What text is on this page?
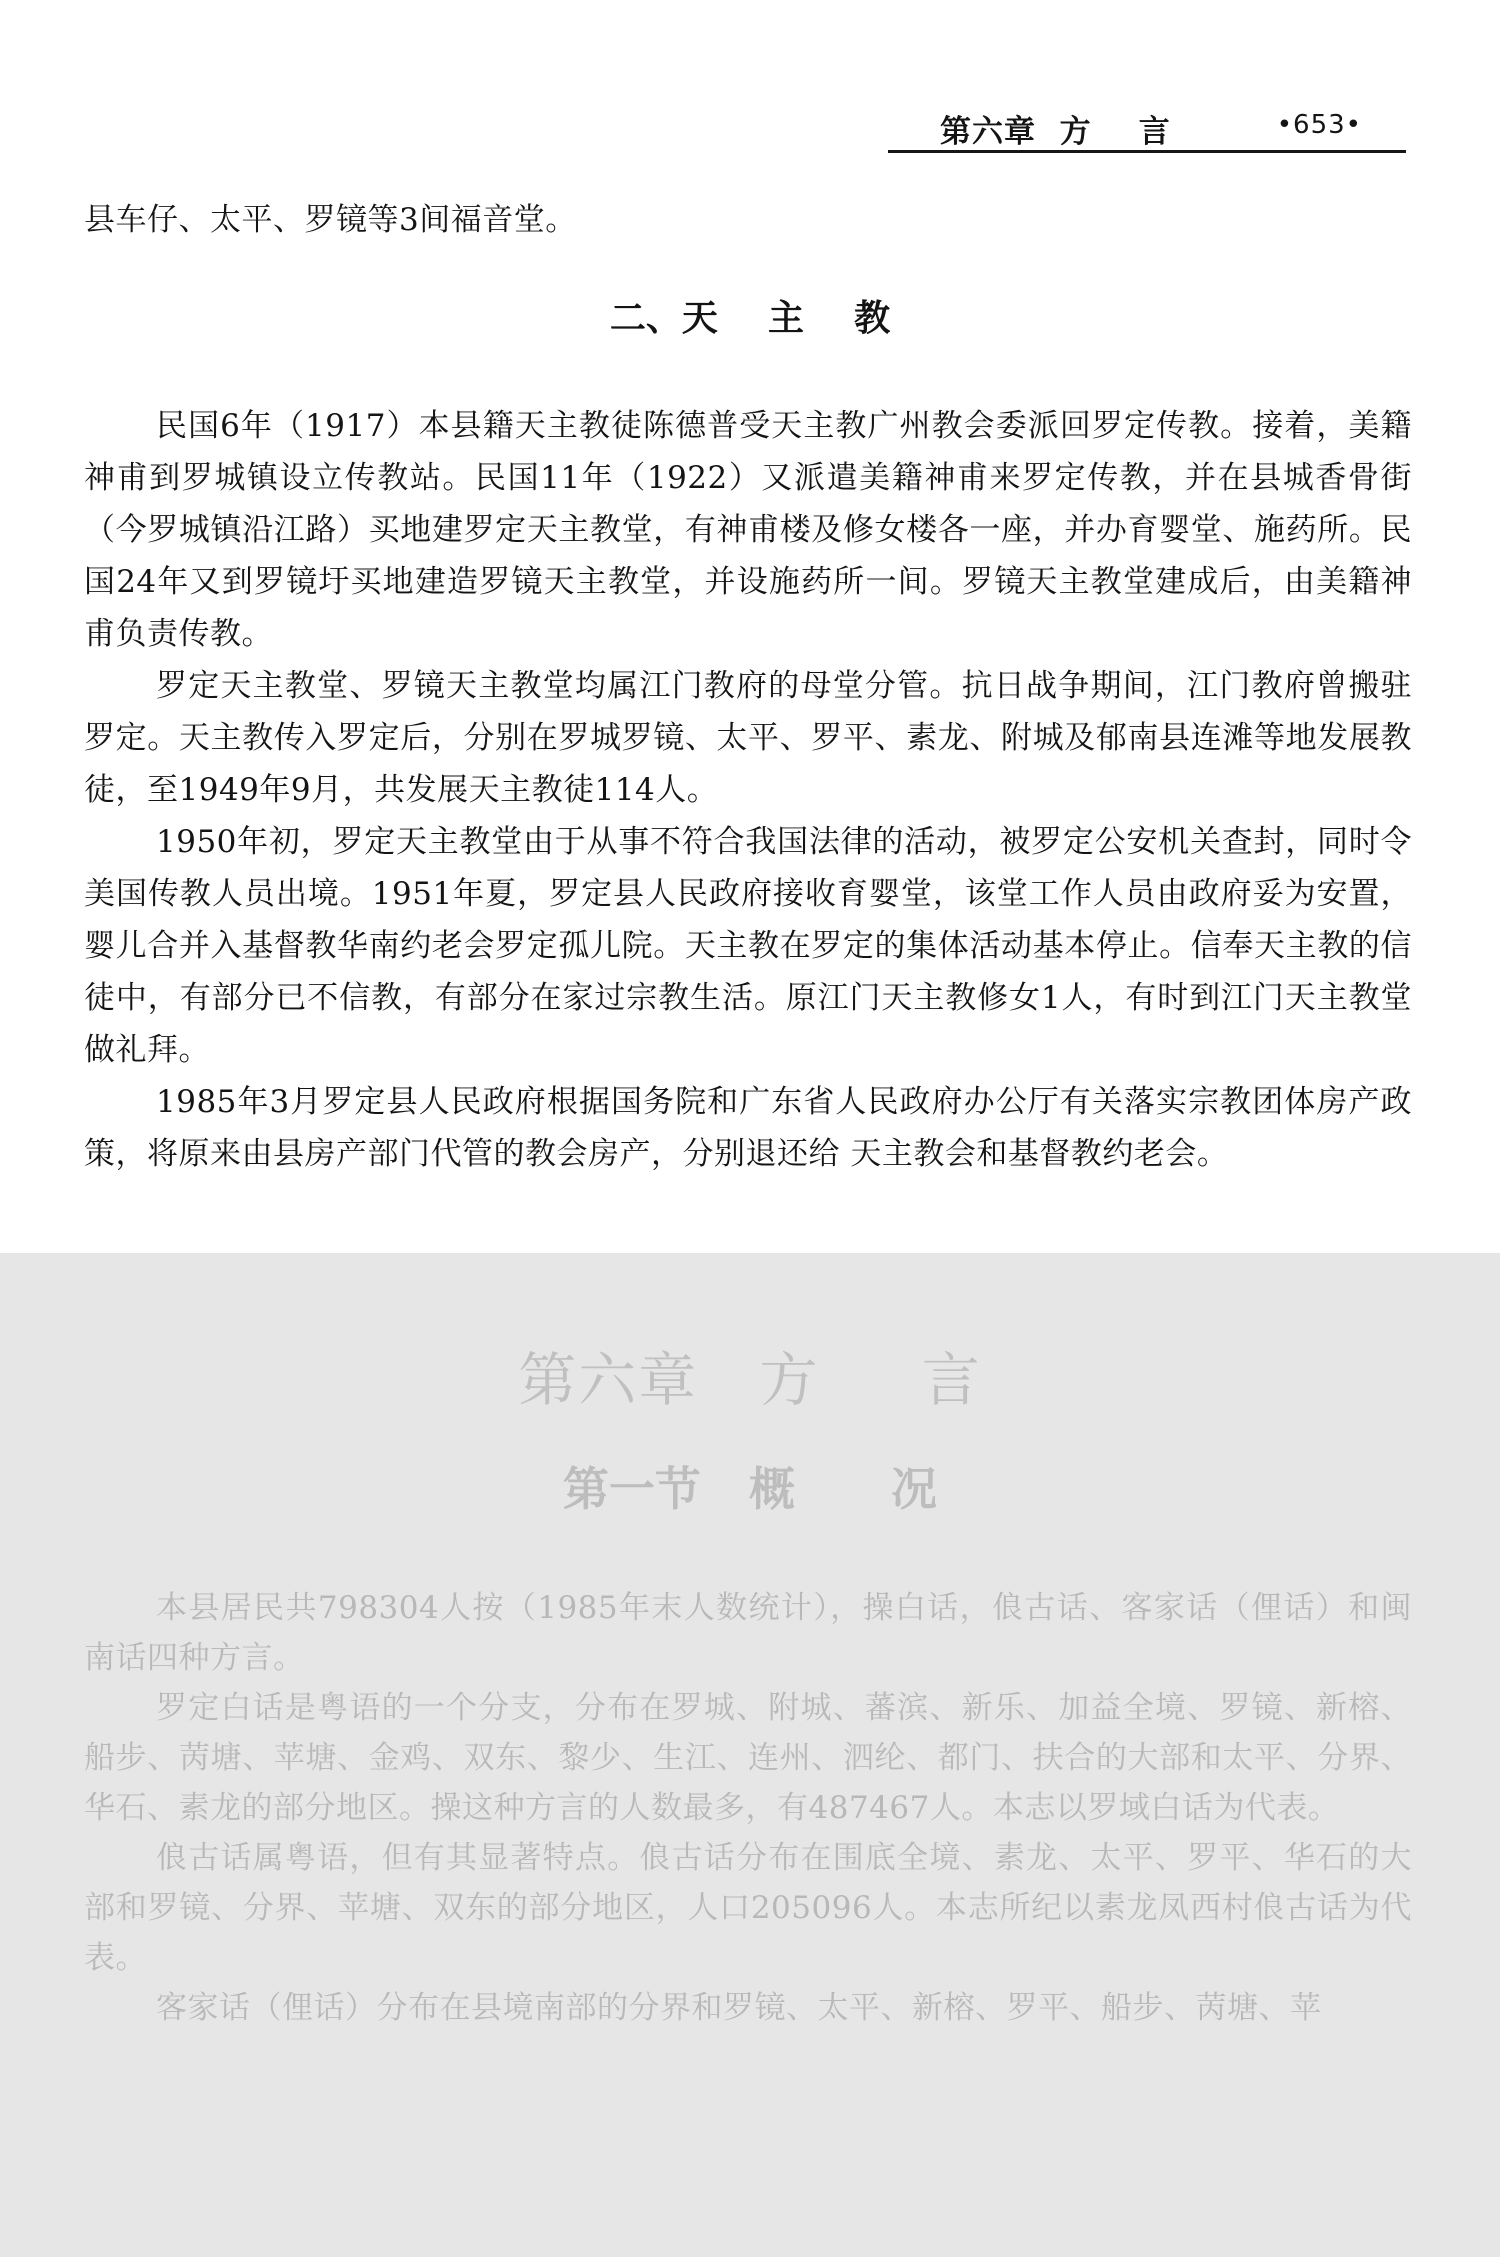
第六章  方    言	•653•
县车仔、太平、罗镜等3间福音堂。
二、天    主    教

民国6年（1917）本县籍天主教徒陈德普受天主教广州教会委派回罗定传教。接着，美籍神甫到罗城镇设立传教站。民国11年（1922）又派遣美籍神甫来罗定传教，并在县城香骨街（今罗城镇沿江路）买地建罗定天主教堂，有神甫楼及修女楼各一座，并办育婴堂、施药所。民国24年又到罗镜圩买地建造罗镜天主教堂，并设施药所一间。罗镜天主教堂建成后，由美籍神甫负责传教。

罗定天主教堂、罗镜天主教堂均属江门教府的母堂分管。抗日战争期间，江门教府曾搬驻罗定。天主教传入罗定后，分别在罗城罗镜、太平、罗平、素龙、附城及郁南县连滩等地发展教徒，至1949年9月，共发展天主教徒114人。

1950年初，罗定天主教堂由于从事不符合我国法律的活动，被罗定公安机关查封，同时令美国传教人员出境。1951年夏，罗定县人民政府接收育婴堂，该堂工作人员由政府妥为安置，婴儿合并入基督教华南约老会罗定孤儿院。天主教在罗定的集体活动基本停止。信奉天主教的信徒中，有部分已不信教，有部分在家过宗教生活。原江门天主教修女1人，有时到江门天主教堂做礼拜。

1985年3月罗定县人民政府根据国务院和广东省人民政府办公厅有关落实宗教团体房产政策，将原来由县房产部门代管的教会房产，分别退还给 天主教会和基督教约老会。

第六章   方     言
第一节   概      况

本县居民共798304人按（1985年末人数统计），操白话，俍古话、客家话（俚话）和闽南话四种方言。

罗定白话是粤语的一个分支，分布在罗城、附城、蕃滨、新乐、加益全境、罗镜、新榕、船步、苪塘、苹塘、金鸡、双东、黎少、生江、连州、泗纶、都门、扶合的大部和太平、分界、华石、素龙的部分地区。操这种方言的人数最多，有487467人。本志以罗域白话为代表。

俍古话属粤语，但有其显著特点。俍古话分布在围底全境、素龙、太平、罗平、华石的大部和罗镜、分界、苹塘、双东的部分地区，人口205096人。本志所纪以素龙凤西村俍古话为代表。

客家话（俚话）分布在县境南部的分界和罗镜、太平、新榕、罗平、船步、苪塘、苹
